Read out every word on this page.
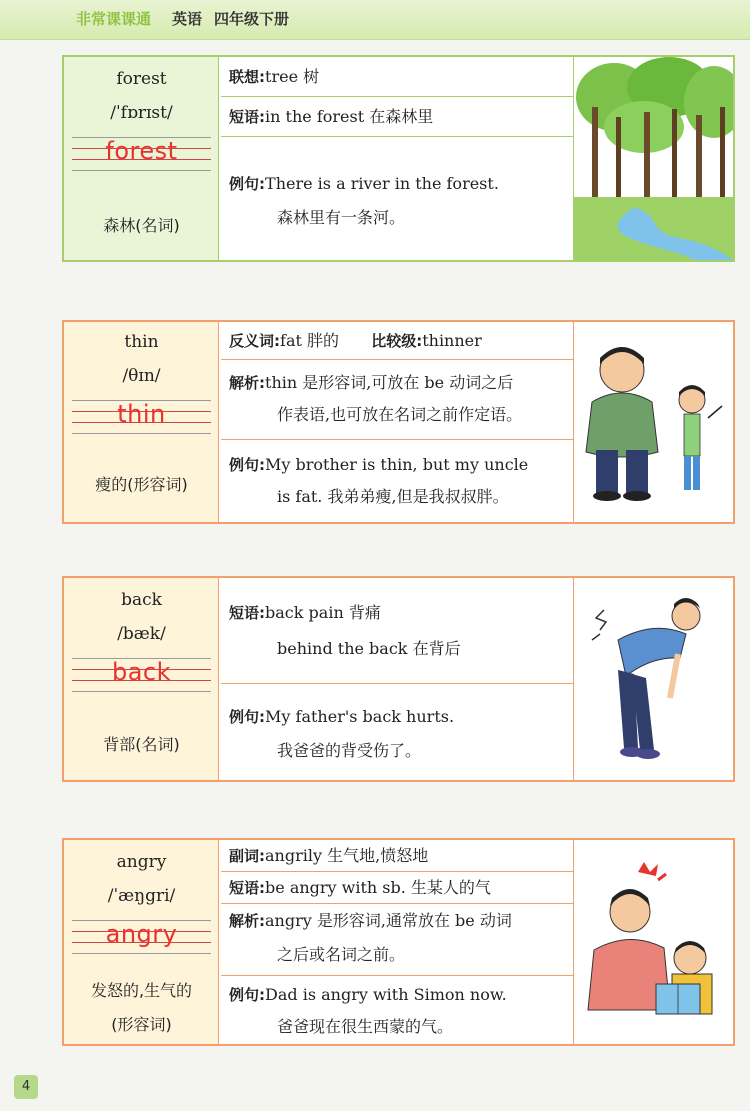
非常课课通 英语 四年级下册
forest
/ˈfɒrɪst/
forest
森林(名词)
联想:tree 树
短语:in the forest 在森林里
例句:There is a river in the forest.
森林里有一条河。
thin
/θɪn/
thin
瘦的(形容词)
反义词:fat 胖的 比较级:thinner
解析:thin 是形容词,可放在 be 动词之后
作表语,也可放在名词之前作定语。
例句:My brother is thin, but my uncle
is fat. 我弟弟瘦,但是我叔叔胖。
back
/bæk/
back
背部(名词)
短语:back pain 背痛
behind the back 在背后
例句:My father's back hurts.
我爸爸的背受伤了。
angry
/ˈæŋgri/
angry
发怒的,生气的
(形容词)
副词:angrily 生气地,愤怒地
短语:be angry with sb. 生某人的气
解析:angry 是形容词,通常放在 be 动词
之后或名词之前。
例句:Dad is angry with Simon now.
爸爸现在很生西蒙的气。
4
